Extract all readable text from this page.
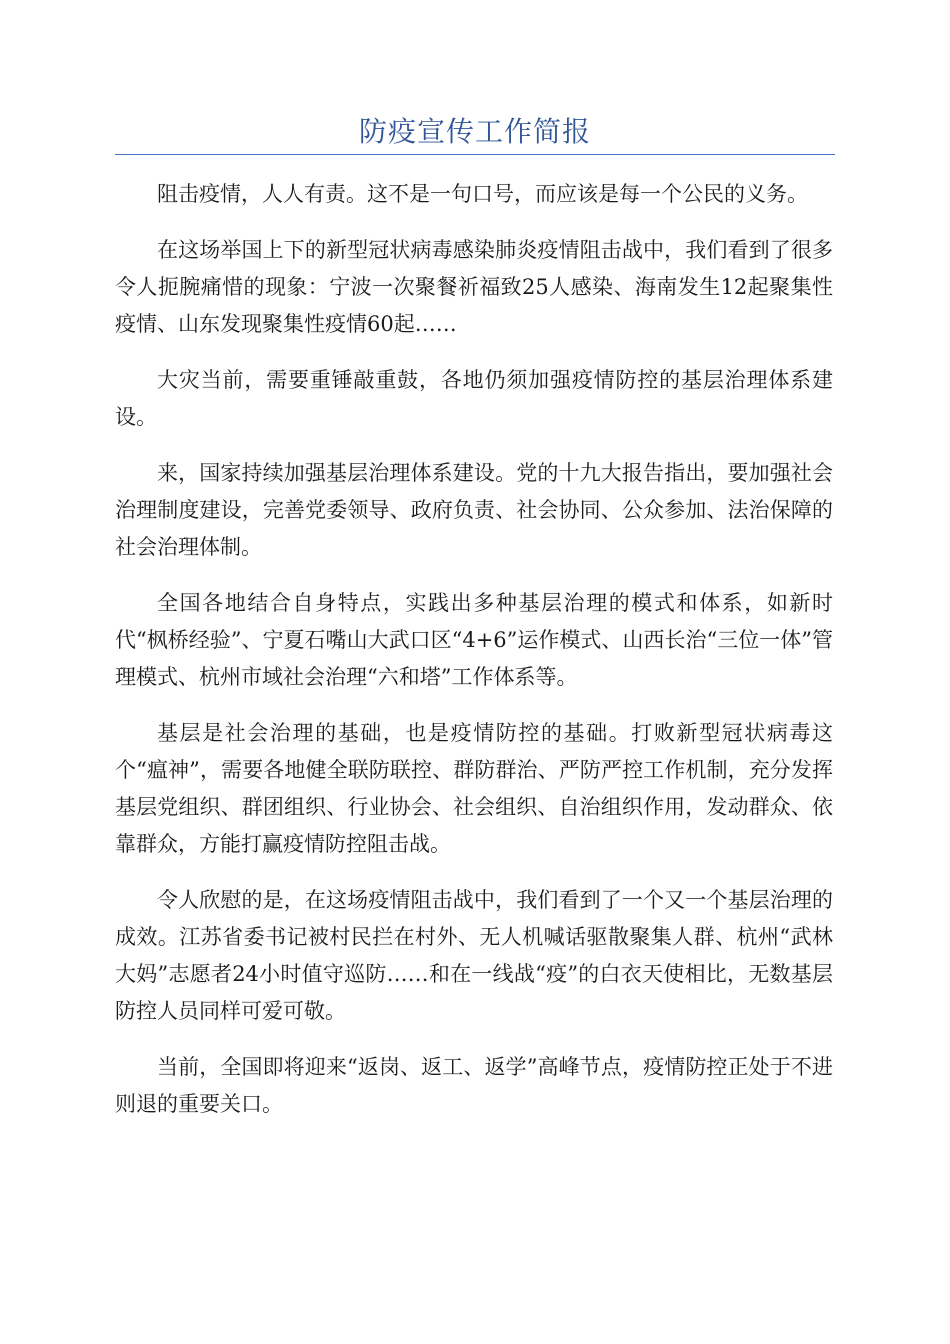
防疫宣传工作简报

阻击疫情，人人有责。这不是一句口号，而应该是每一个公民的义务。

在这场举国上下的新型冠状病毒感染肺炎疫情阻击战中，我们看到了很多令人扼腕痛惜的现象：宁波一次聚餐祈福致25人感染、海南发生12起聚集性疫情、山东发现聚集性疫情60起……

大灾当前，需要重锤敲重鼓，各地仍须加强疫情防控的基层治理体系建设。

来，国家持续加强基层治理体系建设。党的十九大报告指出，要加强社会治理制度建设，完善党委领导、政府负责、社会协同、公众参加、法治保障的社会治理体制。

全国各地结合自身特点，实践出多种基层治理的模式和体系，如新时代“枫桥经验”、宁夏石嘴山大武口区“4+6”运作模式、山西长治“三位一体”管理模式、杭州市域社会治理“六和塔”工作体系等。

基层是社会治理的基础，也是疫情防控的基础。打败新型冠状病毒这个“瘟神”，需要各地健全联防联控、群防群治、严防严控工作机制，充分发挥基层党组织、群团组织、行业协会、社会组织、自治组织作用，发动群众、依靠群众，方能打赢疫情防控阻击战。

令人欣慰的是，在这场疫情阻击战中，我们看到了一个又一个基层治理的成效。江苏省委书记被村民拦在村外、无人机喊话驱散聚集人群、杭州“武林大妈”志愿者24小时值守巡防……和在一线战“疫”的白衣天使相比，无数基层防控人员同样可爱可敬。

当前，全国即将迎来“返岗、返工、返学”高峰节点，疫情防控正处于不进则退的重要关口。
